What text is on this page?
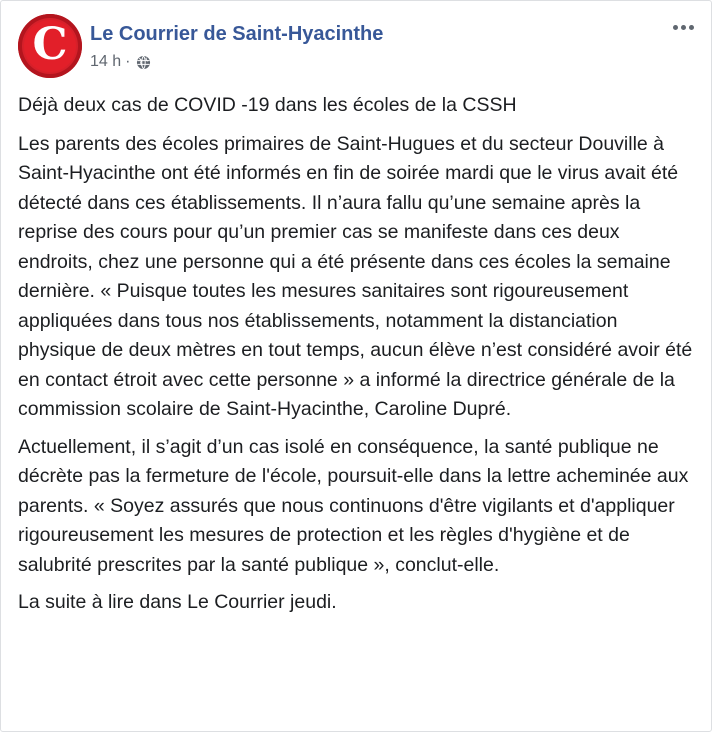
C Le Courrier de Saint-Hyacinthe
14 h ·

Déjà deux cas de COVID -19 dans les écoles de la CSSH

Les parents des écoles primaires de Saint-Hugues et du secteur Douville à Saint-Hyacinthe ont été informés en fin de soirée mardi que le virus avait été détecté dans ces établissements. Il n’aura fallu qu’une semaine après la reprise des cours pour qu’un premier cas se manifeste dans ces deux endroits, chez une personne qui a été présente dans ces écoles la semaine dernière. « Puisque toutes les mesures sanitaires sont rigoureusement appliquées dans tous nos établissements, notamment la distanciation physique de deux mètres en tout temps, aucun élève n’est considéré avoir été en contact étroit avec cette personne » a informé la directrice générale de la commission scolaire de Saint-Hyacinthe, Caroline Dupré.

Actuellement, il s’agit d’un cas isolé en conséquence, la santé publique ne décrète pas la fermeture de l'école, poursuit-elle dans la lettre acheminée aux parents. « Soyez assurés que nous continuons d'être vigilants et d'appliquer rigoureusement les mesures de protection et les règles d'hygiène et de salubrité prescrites par la santé publique », conclut-elle.

La suite à lire dans Le Courrier jeudi.
